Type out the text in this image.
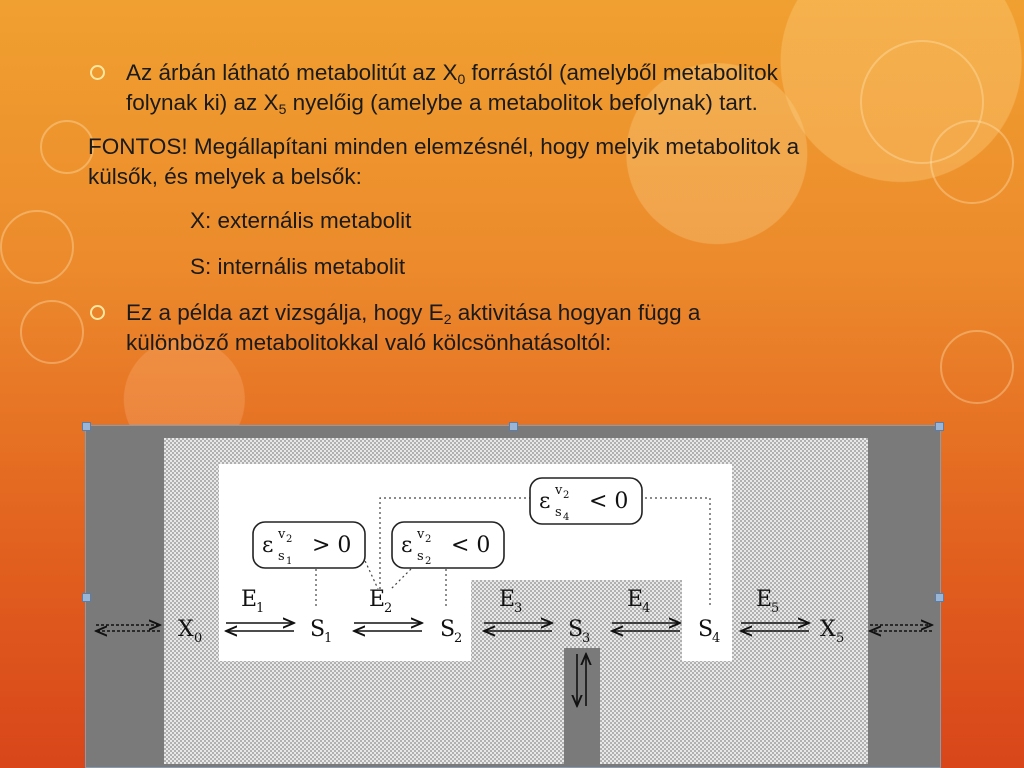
Az árbán látható metabolitút az $X_0$ forrástól (amelyből metabolitok folynak ki) az $X_5$ nyelőig (amelybe a metabolitok befolynak) tart.
FONTOS! Megállapítani minden elemzésnél, hogy melyik metabolitok a külsők, és melyek a belsők:
X: externális metabolit
S: internális metabolit
Ez a példa azt vizsgálja, hogy $E_2$ aktivitása hogyan függ a különböző metabolitokkal való kölcsönhatásoltól:
ε v 2
s 1
> 0 ε v 2
s 2
< 0
ε v 2
s 4
< 0
X 0	S
1	S
2	S
3	S
4	X 5
E
1	E
2	E
3	E
4	E
5
